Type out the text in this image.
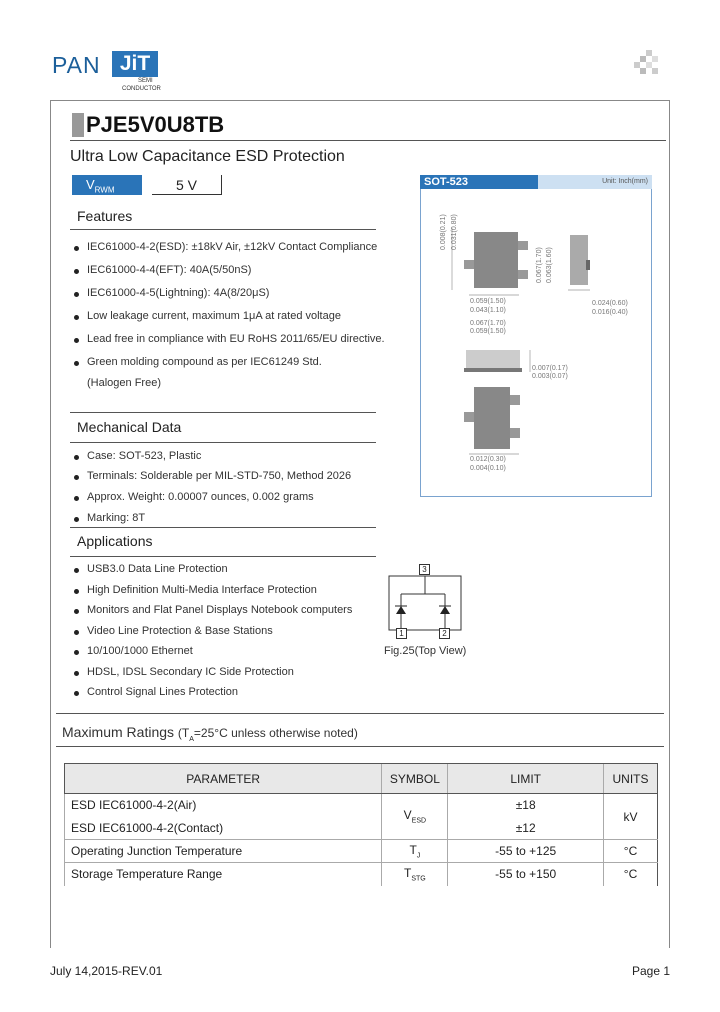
PAN JiT
SEMI
CONDUCTOR
PJE5V0U8TB
Ultra Low Capacitance ESD Protection
$V_{RWM}$	5 V
Features
IEC61000-4-2(ESD): ±18kV Air, ±12kV Contact Compliance
IEC61000-4-4(EFT): 40A(5/50nS)
IEC61000-4-5(Lightning): 4A(8/20μS)
Low leakage current, maximum 1μA at rated voltage
Lead free in compliance with EU RoHS 2011/65/EU directive.
Green molding compound as per IEC61249 Std.
(Halogen Free)
Mechanical Data
Case: SOT-523, Plastic
Terminals: Solderable per MIL-STD-750, Method 2026
Approx. Weight: 0.00007 ounces, 0.002 grams
Marking: 8T
Applications
USB3.0 Data Line Protection
High Definition Multi-Media Interface Protection
Monitors and Flat Panel Displays Notebook computers
Video Line Protection & Base Stations
10/100/1000 Ethernet
HDSL, IDSL Secondary IC Side Protection
Control Signal Lines Protection
SOT-523	Unit: Inch(mm)
0.008(0.21) 0.031(0.80)
0.067(1.70) 0.063(1.60)
0.059(1.50)
0.043(1.10)
0.024(0.60)
0.016(0.40)
0.067(1.70)
0.059(1.50)
0.007(0.17)
0.003(0.07)
0.012(0.30)
0.004(0.10)
3
1	2
Fig.25(Top View)
Maximum Ratings ($T_A=25^\circ C$ unless otherwise noted)
PARAMETER	SYMBOL	LIMIT	UNITS
ESD IEC61000-4-2(Air)	$V_{ESD}$	±18	kV
ESD IEC61000-4-2(Contact)		±12	
Operating Junction Temperature	$T_J$	-55 to +125	°C
Storage Temperature Range	$T_{STG}$	-55 to +150	°C
July 14,2015-REV.01	Page 1
